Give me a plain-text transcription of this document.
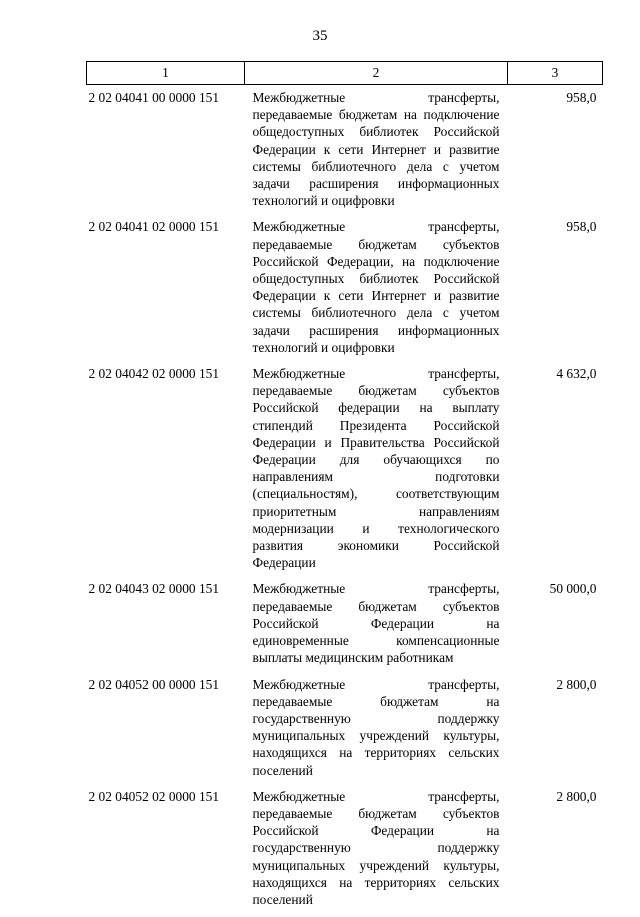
35
1	2	3
2 02 04041 00 0000 151	Межбюджетные трансферты, передаваемые бюджетам на подключение общедоступных библиотек Российской Федерации к сети Интернет и развитие системы библиотечного дела с учетом задачи расширения информационных технологий и оцифровки	958,0
2 02 04041 02 0000 151	Межбюджетные трансферты, передаваемые бюджетам субъектов Российской Федерации, на подключение общедоступных библиотек Российской Федерации к сети Интернет и развитие системы библиотечного дела с учетом задачи расширения информационных технологий и оцифровки	958,0
2 02 04042 02 0000 151	Межбюджетные трансферты, передаваемые бюджетам субъектов Российской федерации на выплату стипендий Президента Российской Федерации и Правительства Российской Федерации для обучающихся по направлениям подготовки (специальностям), соответствующим приоритетным направлениям модернизации и технологического развития экономики Российской Федерации	4 632,0
2 02 04043 02 0000 151	Межбюджетные трансферты, передаваемые бюджетам субъектов Российской Федерации на единовременные компенсационные выплаты медицинским работникам	50 000,0
2 02 04052 00 0000 151	Межбюджетные трансферты, передаваемые бюджетам на государственную поддержку муниципальных учреждений культуры, находящихся на территориях сельских поселений	2 800,0
2 02 04052 02 0000 151	Межбюджетные трансферты, передаваемые бюджетам субъектов Российской Федерации на государственную поддержку муниципальных учреждений культуры, находящихся на территориях сельских поселений	2 800,0
